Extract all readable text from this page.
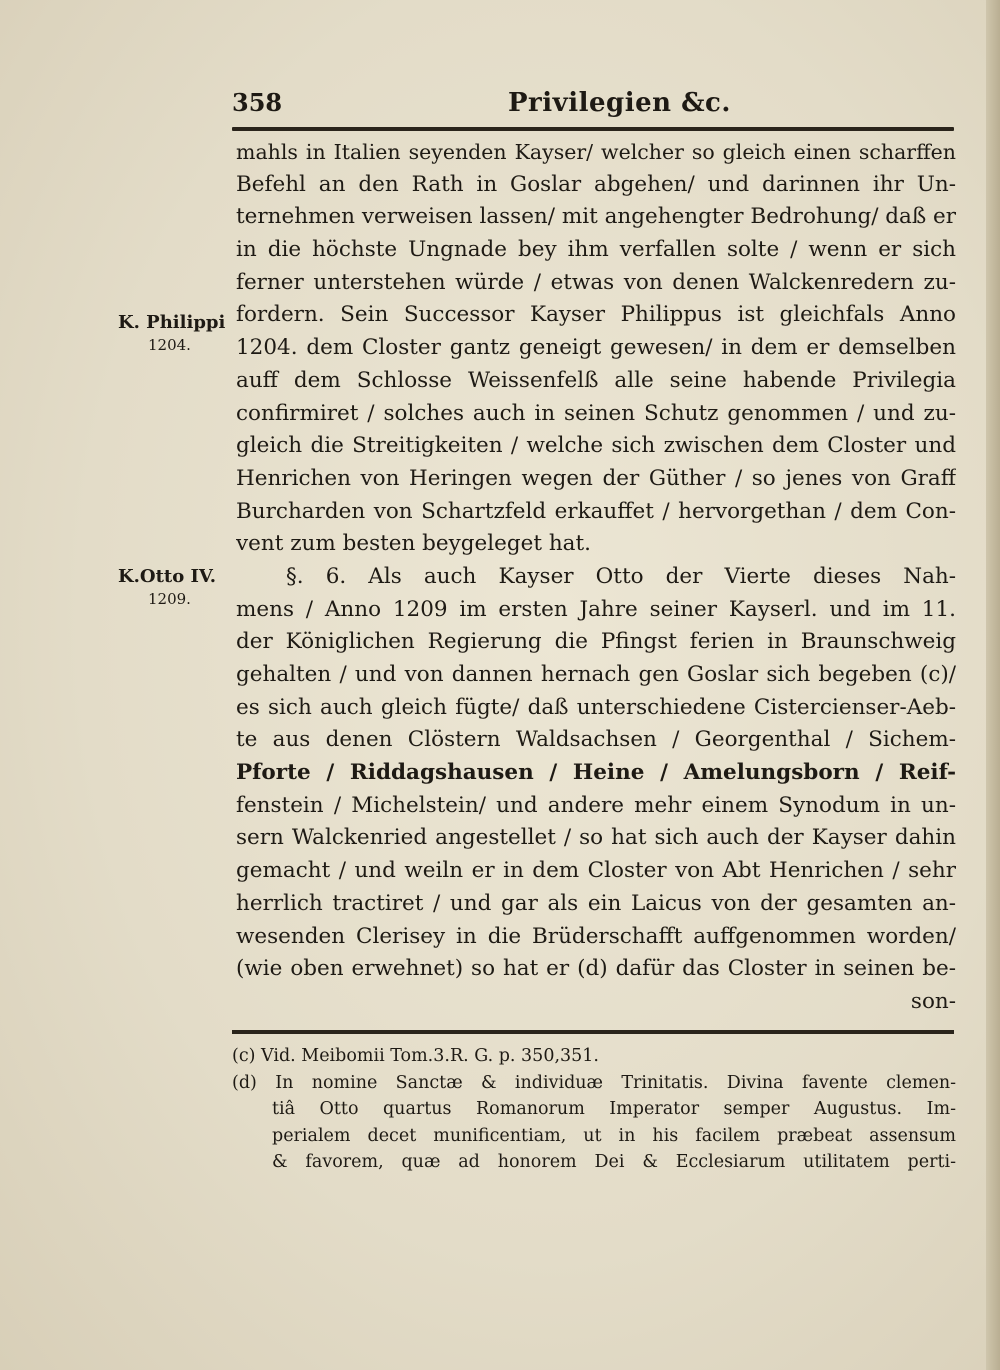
358	Privilegien &c.
K. Philippi
1204.
K.Otto IV.
1209.
mahls in Italien seyenden Kayser/ welcher so gleich einen scharffen
Befehl an den Rath in Goslar abgehen/ und darinnen ihr Un-
ternehmen verweisen lassen/ mit angehengter Bedrohung/ daß er
in die höchste Ungnade bey ihm verfallen solte / wenn er sich
ferner unterstehen würde / etwas von denen Walckenredern zu-
fordern. Sein Successor Kayser Philippus ist gleichfals Anno
1204. dem Closter gantz geneigt gewesen/ in dem er demselben
auff dem Schlosse Weissenfelß alle seine habende Privilegia
confirmiret / solches auch in seinen Schutz genommen / und zu-
gleich die Streitigkeiten / welche sich zwischen dem Closter und
Henrichen von Heringen wegen der Güther / so jenes von Graff
Burcharden von Schartzfeld erkauffet / hervorgethan / dem Con-
vent zum besten beygeleget hat.
§. 6. Als auch Kayser Otto der Vierte dieses Nah-
mens / Anno 1209 im ersten Jahre seiner Kayserl. und im 11.
der Königlichen Regierung die Pfingst ferien in Braunschweig
gehalten / und von dannen hernach gen Goslar sich begeben (c)/
es sich auch gleich fügte/ daß unterschiedene Cistercienser-Aeb-
te aus denen Clöstern Waldsachsen / Georgenthal / Sichem-
Pforte / Riddagshausen / Heine / Amelungsborn / Reif-
fenstein / Michelstein/ und andere mehr einem Synodum in un-
sern Walckenried angestellet / so hat sich auch der Kayser dahin
gemacht / und weiln er in dem Closter von Abt Henrichen / sehr
herrlich tractiret / und gar als ein Laicus von der gesamten an-
wesenden Clerisey in die Brüderschafft auffgenommen worden/
(wie oben erwehnet) so hat er (d) dafür das Closter in seinen be-
son-
(c) Vid. Meibomii Tom.3.R. G. p. 350,351.
(d) In nomine Sanctæ & individuæ Trinitatis. Divina favente clemen-
tiâ Otto quartus Romanorum Imperator semper Augustus. Im-
perialem decet munificentiam, ut in his facilem præbeat assensum
& favorem, quæ ad honorem Dei & Ecclesiarum utilitatem perti-
